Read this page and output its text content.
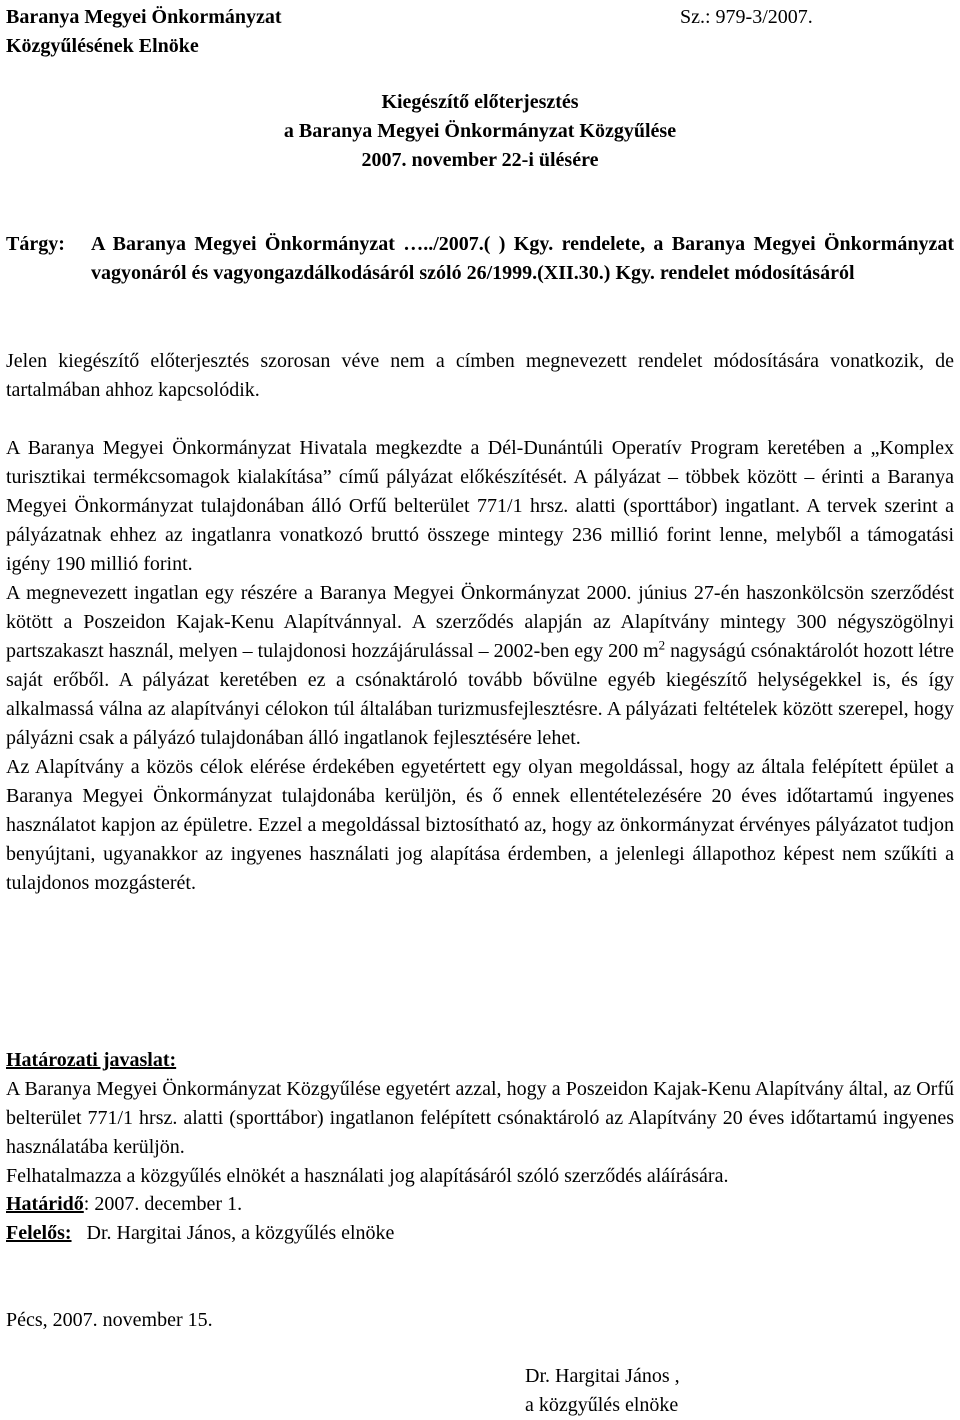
Baranya Megyei Önkormányzat
Közgyűlésének Elnöke
Sz.: 979-3/2007.
Kiegészítő előterjesztés
a Baranya Megyei Önkormányzat Közgyűlése
2007. november 22-i ülésére
Tárgy: A Baranya Megyei Önkormányzat …../2007.( ) Kgy. rendelete, a Baranya Megyei Önkormányzat vagyonáról és vagyongazdálkodásáról szóló 26/1999.(XII.30.) Kgy. rendelet módosításáról

Jelen kiegészítő előterjesztés szorosan véve nem a címben megnevezett rendelet módosítására vonatkozik, de tartalmában ahhoz kapcsolódik.

A Baranya Megyei Önkormányzat Hivatala megkezdte a Dél-Dunántúli Operatív Program keretében a „Komplex turisztikai termékcsomagok kialakítása” című pályázat előkészítését. A pályázat – többek között – érinti a Baranya Megyei Önkormányzat tulajdonában álló Orfű belterület 771/1 hrsz. alatti (sporttábor) ingatlant. A tervek szerint a pályázatnak ehhez az ingatlanra vonatkozó bruttó összege mintegy 236 millió forint lenne, melyből a támogatási igény 190 millió forint.

A megnevezett ingatlan egy részére a Baranya Megyei Önkormányzat 2000. június 27-én haszonkölcsön szerződést kötött a Poszeidon Kajak-Kenu Alapítvánnyal. A szerződés alapján az Alapítvány mintegy 300 négyszögölnyi partszakaszt használ, melyen – tulajdonosi hozzájárulással – 2002-ben egy 200 $m^2$ nagyságú csónaktárolót hozott létre saját erőből. A pályázat keretében ez a csónaktároló tovább bővülne egyéb kiegészítő helységekkel is, és így alkalmassá válna az alapítványi célokon túl általában turizmusfejlesztésre. A pályázati feltételek között szerepel, hogy pályázni csak a pályázó tulajdonában álló ingatlanok fejlesztésére lehet.

Az Alapítvány a közös célok elérése érdekében egyetértett egy olyan megoldással, hogy az általa felépített épület a Baranya Megyei Önkormányzat tulajdonába kerüljön, és ő ennek ellentételezésére 20 éves időtartamú ingyenes használatot kapjon az épületre. Ezzel a megoldással biztosítható az, hogy az önkormányzat érvényes pályázatot tudjon benyújtani, ugyanakkor az ingyenes használati jog alapítása érdemben, a jelenlegi állapothoz képest nem szűkíti a tulajdonos mozgásterét.

Határozati javaslat:

A Baranya Megyei Önkormányzat Közgyűlése egyetért azzal, hogy a Poszeidon Kajak-Kenu Alapítvány által, az Orfű belterület 771/1 hrsz. alatti (sporttábor) ingatlanon felépített csónaktároló az Alapítvány 20 éves időtartamú ingyenes használatába kerüljön.

Felhatalmazza a közgyűlés elnökét a használati jog alapításáról szóló szerződés aláírására.

Határidő: 2007. december 1.
Felelős:   Dr. Hargitai János, a közgyűlés elnöke
Pécs, 2007. november 15.
Dr. Hargitai János ,
a közgyűlés elnöke
